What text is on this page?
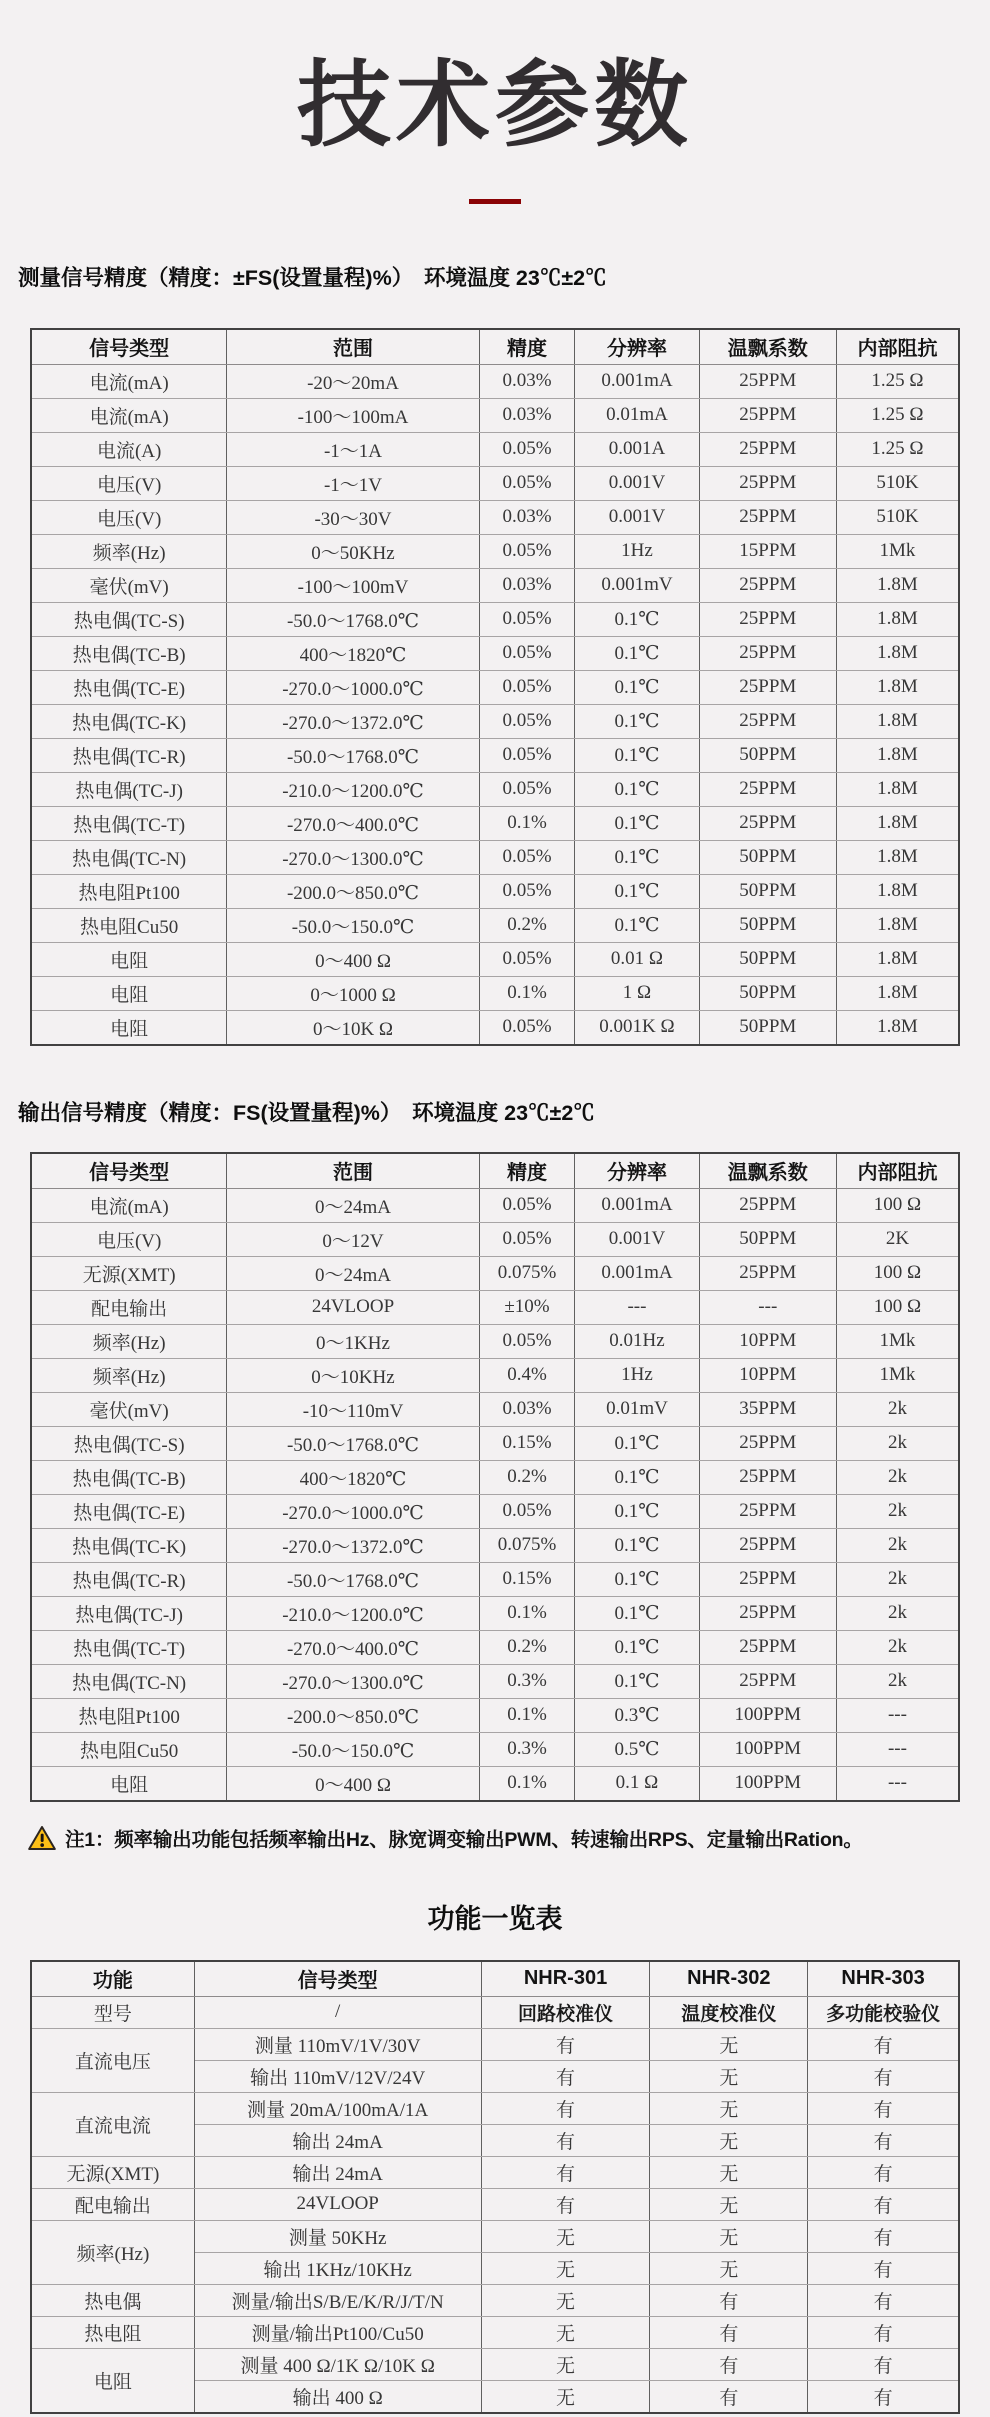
技术参数
测量信号精度（精度：±FS(设置量程)%）　环境温度 23℃±2℃
信号类型	范围	精度	分辨率	温飘系数	内部阻抗
电流(mA)	-20～20mA	0.03%	0.001mA	25PPM	1.25 Ω
电流(mA)	-100～100mA	0.03%	0.01mA	25PPM	1.25 Ω
电流(A)	-1～1A	0.05%	0.001A	25PPM	1.25 Ω
电压(V)	-1～1V	0.05%	0.001V	25PPM	510K
电压(V)	-30～30V	0.03%	0.001V	25PPM	510K
频率(Hz)	0～50KHz	0.05%	1Hz	15PPM	1Mk
毫伏(mV)	-100～100mV	0.03%	0.001mV	25PPM	1.8M
热电偶(TC-S)	-50.0～1768.0℃	0.05%	0.1℃	25PPM	1.8M
热电偶(TC-B)	400～1820℃	0.05%	0.1℃	25PPM	1.8M
热电偶(TC-E)	-270.0～1000.0℃	0.05%	0.1℃	25PPM	1.8M
热电偶(TC-K)	-270.0～1372.0℃	0.05%	0.1℃	25PPM	1.8M
热电偶(TC-R)	-50.0～1768.0℃	0.05%	0.1℃	50PPM	1.8M
热电偶(TC-J)	-210.0～1200.0℃	0.05%	0.1℃	25PPM	1.8M
热电偶(TC-T)	-270.0～400.0℃	0.1%	0.1℃	25PPM	1.8M
热电偶(TC-N)	-270.0～1300.0℃	0.05%	0.1℃	50PPM	1.8M
热电阻Pt100	-200.0～850.0℃	0.05%	0.1℃	50PPM	1.8M
热电阻Cu50	-50.0～150.0℃	0.2%	0.1℃	50PPM	1.8M
电阻	0～400 Ω	0.05%	0.01 Ω	50PPM	1.8M
电阻	0～1000 Ω	0.1%	1 Ω	50PPM	1.8M
电阻	0～10K Ω	0.05%	0.001K Ω	50PPM	1.8M
输出信号精度（精度：FS(设置量程)%）　环境温度 23℃±2℃
信号类型	范围	精度	分辨率	温飘系数	内部阻抗
电流(mA)	0～24mA	0.05%	0.001mA	25PPM	100 Ω
电压(V)	0～12V	0.05%	0.001V	50PPM	2K
无源(XMT)	0～24mA	0.075%	0.001mA	25PPM	100 Ω
配电输出	24VLOOP	±10%	---	---	100 Ω
频率(Hz)	0～1KHz	0.05%	0.01Hz	10PPM	1Mk
频率(Hz)	0～10KHz	0.4%	1Hz	10PPM	1Mk
毫伏(mV)	-10～110mV	0.03%	0.01mV	35PPM	2k
热电偶(TC-S)	-50.0～1768.0℃	0.15%	0.1℃	25PPM	2k
热电偶(TC-B)	400～1820℃	0.2%	0.1℃	25PPM	2k
热电偶(TC-E)	-270.0～1000.0℃	0.05%	0.1℃	25PPM	2k
热电偶(TC-K)	-270.0～1372.0℃	0.075%	0.1℃	25PPM	2k
热电偶(TC-R)	-50.0～1768.0℃	0.15%	0.1℃	25PPM	2k
热电偶(TC-J)	-210.0～1200.0℃	0.1%	0.1℃	25PPM	2k
热电偶(TC-T)	-270.0～400.0℃	0.2%	0.1℃	25PPM	2k
热电偶(TC-N)	-270.0～1300.0℃	0.3%	0.1℃	25PPM	2k
热电阻Pt100	-200.0～850.0℃	0.1%	0.3℃	100PPM	---
热电阻Cu50	-50.0～150.0℃	0.3%	0.5℃	100PPM	---
电阻	0～400 Ω	0.1%	0.1 Ω	100PPM	---
注1：频率输出功能包括频率输出Hz、脉宽调变输出PWM、转速输出RPS、定量输出Ration。
功能一览表
功能	信号类型	NHR-301	NHR-302	NHR-303
型号	/	回路校准仪	温度校准仪	多功能校验仪
直流电压	测量 110mV/1V/30V	有	无	有
	输出 110mV/12V/24V	有	无	有
直流电流	测量 20mA/100mA/1A	有	无	有
	输出 24mA	有	无	有
无源(XMT)	输出 24mA	有	无	有
配电输出	24VLOOP	有	无	有
频率(Hz)	测量 50KHz	无	无	有
	输出 1KHz/10KHz	无	无	有
热电偶	测量/输出S/B/E/K/R/J/T/N	无	有	有
热电阻	测量/输出Pt100/Cu50	无	有	有
电阻	测量 400 Ω/1K Ω/10K Ω	无	有	有
	输出 400 Ω	无	有	有
